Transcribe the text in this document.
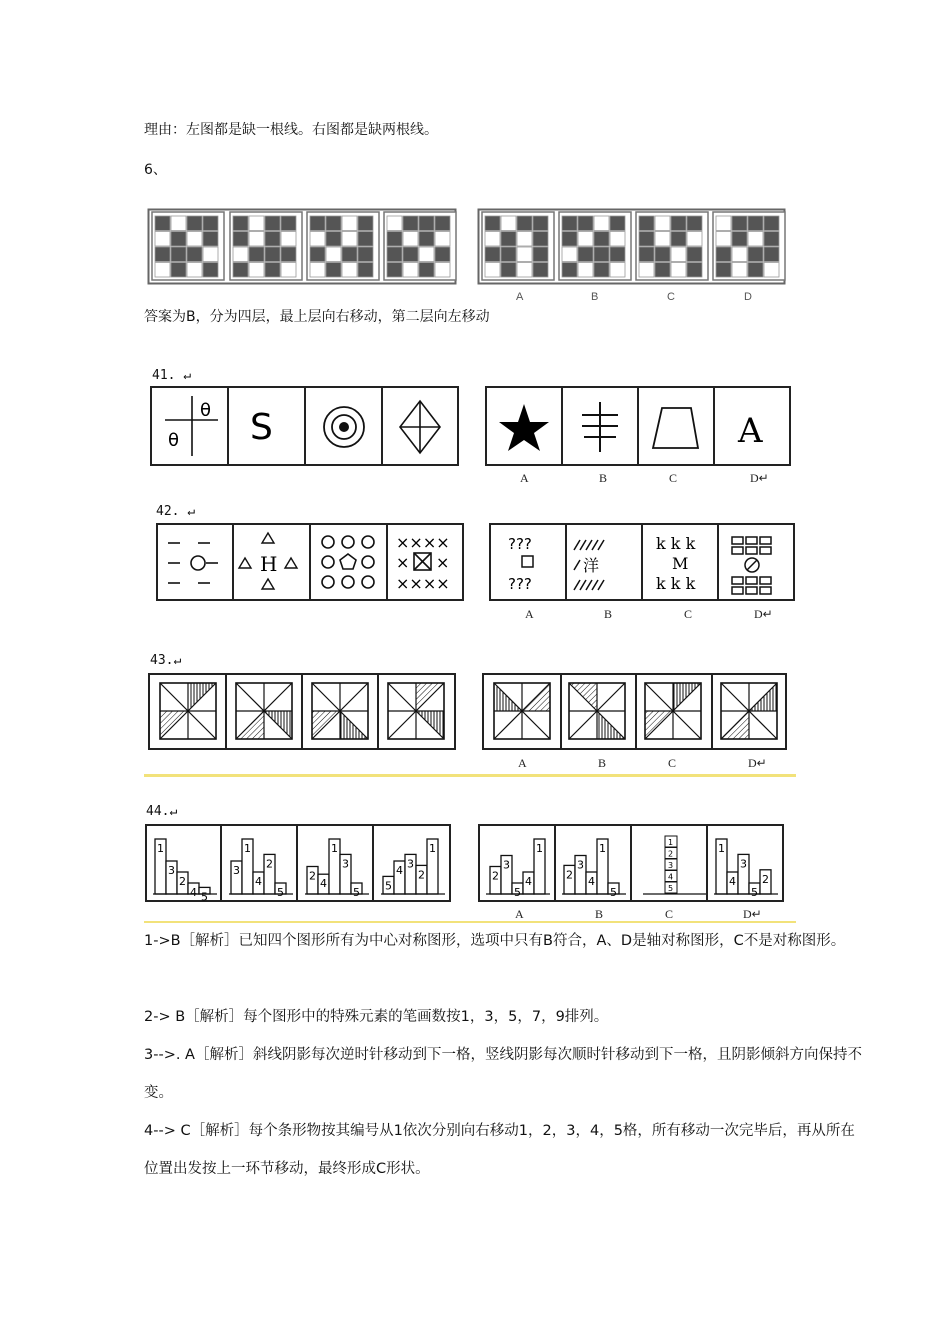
理由：左图都是缺一根线。右图都是缺两根线。
6、
A	B	C	D
答案为B，分为四层，最上层向右移动，第二层向左移动
41. ↵
θ
θ S	A
A	B	C	D↵
42. ↵
H
××××
× ×
××××
???
???
洋
k k k
M
k k k
A	B	C	D↵
43.↵
A	B	C	D↵
44.↵
1
3
2
4 5
3
1
4
2
5
2
4
1
3
5
5
4
3
2
1
2
3
5
4
1
2
3
4
1
5
1
2
3
4
5
1
4
3
5
2
A	B	C	D↵
1->B［解析］已知四个图形所有为中心对称图形，选项中只有B符合，A、D是轴对称图形，C不是对称图形。
2-> B［解析］每个图形中的特殊元素的笔画数按1，3，5，7，9排列。
3-->. A［解析］斜线阴影每次逆时针移动到下一格，竖线阴影每次顺时针移动到下一格，且阴影倾斜方向保持不变。
4--> C［解析］每个条形物按其编号从1依次分别向右移动1，2，3，4，5格，所有移动一次完毕后，再从所在位置出发按上一环节移动，最终形成C形状。
